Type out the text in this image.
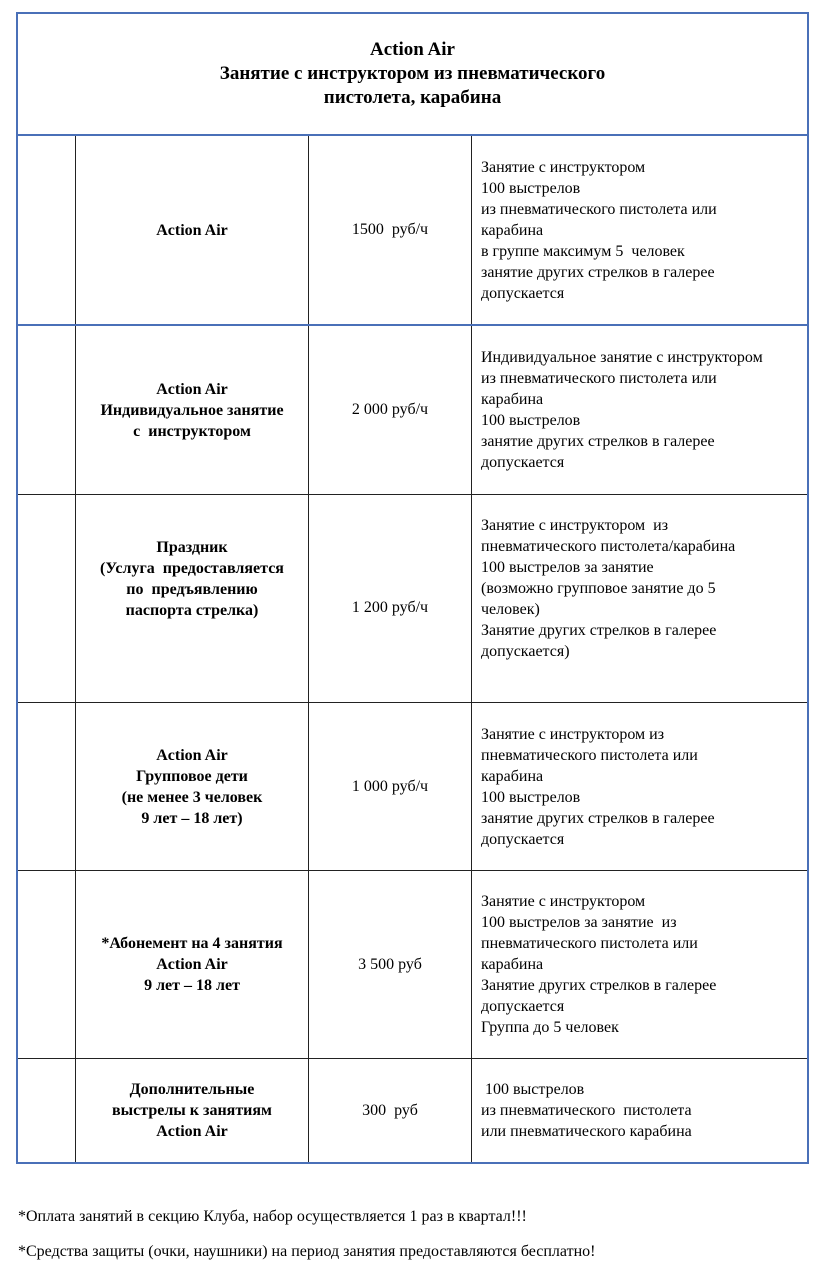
Action Air
Занятие с инструктором из пневматического
пистолета, карабина
Action Air	1500  руб/ч
Занятие с инструктором
100 выстрелов
из пневматического пистолета или
карабина
в группе максимум 5  человек
занятие других стрелков в галерее
допускается
Action Air
Индивидуальное занятие
с  инструктором
2 000 руб/ч
Индивидуальное занятие с инструктором
из пневматического пистолета или
карабина
100 выстрелов
занятие других стрелков в галерее
допускается
Праздник
(Услуга  предоставляется
по  предъявлению
паспорта стрелка)	1 200 руб/ч
Занятие с инструктором  из
пневматического пистолета/карабина
100 выстрелов за занятие
(возможно групповое занятие до 5
человек)
Занятие других стрелков в галерее
допускается)
Action Air
Групповое дети
(не менее 3 человек
9 лет – 18 лет)
1 000 руб/ч
Занятие с инструктором из
пневматического пистолета или
карабина
100 выстрелов
занятие других стрелков в галерее
допускается
*Абонемент на 4 занятия
Action Air
9 лет – 18 лет
3 500 руб
Занятие с инструктором
100 выстрелов за занятие  из
пневматического пистолета или
карабина
Занятие других стрелков в галерее
допускается
Группа до 5 человек
Дополнительные
выстрелы к занятиям
Action Air
300  руб
100 выстрелов
из пневматического  пистолета
или пневматического карабина
*Оплата занятий в секцию Клуба, набор осуществляется 1 раз в квартал!!!
*Средства защиты (очки, наушники) на период занятия предоставляются бесплатно!
